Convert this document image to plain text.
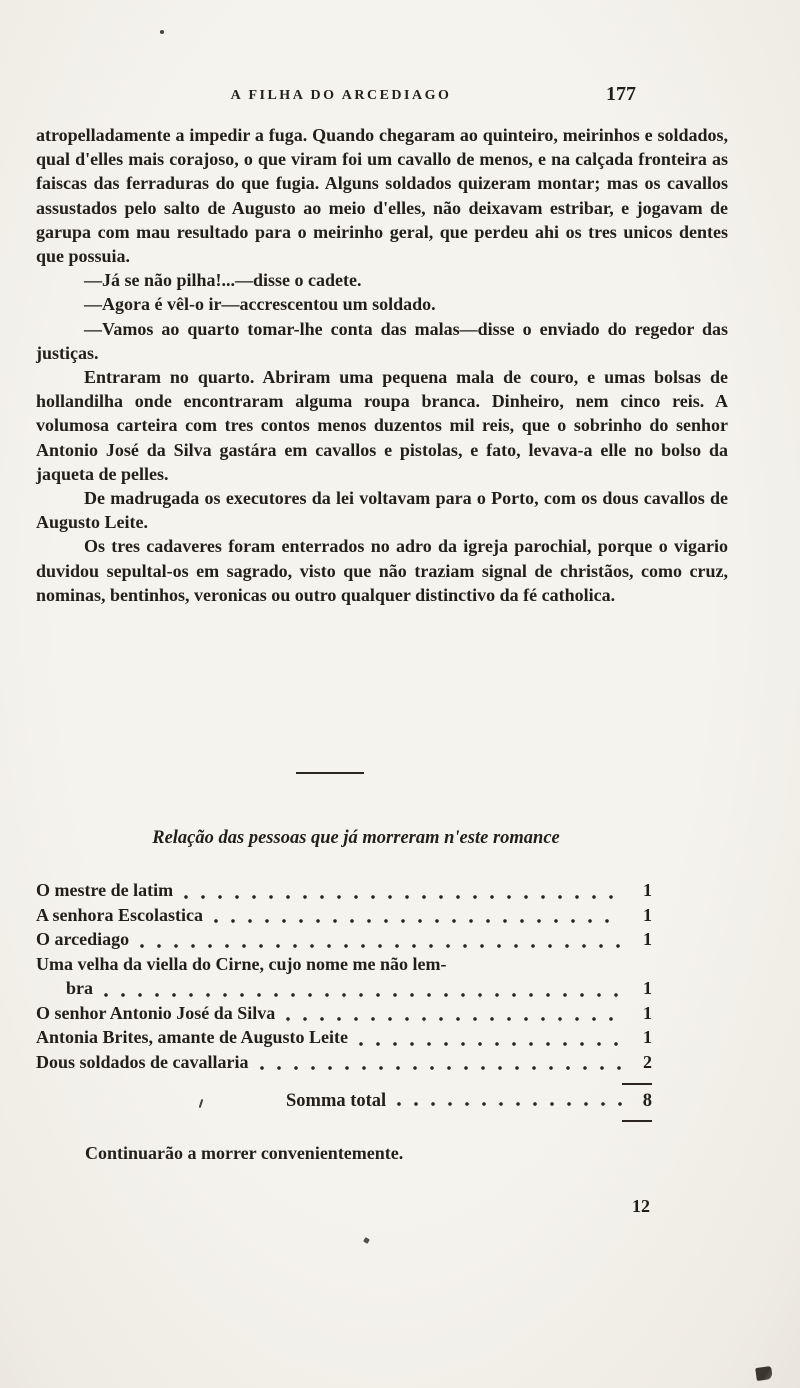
A FILHA DO ARCEDIAGO	177

atropelladamente a impedir a fuga. Quando chegaram ao quinteiro, meirinhos e soldados, qual d'elles mais corajoso, o que viram foi um cavallo de menos, e na calçada fronteira as faiscas das ferraduras do que fugia. Alguns soldados quizeram montar; mas os cavallos assustados pelo salto de Augusto ao meio d'elles, não deixavam estribar, e jogavam de garupa com mau resultado para o meirinho geral, que perdeu ahi os tres unicos dentes que possuia.

—Já se não pilha!...—disse o cadete.

—Agora é vêl-o ir—accrescentou um soldado.

—Vamos ao quarto tomar-lhe conta das malas—disse o enviado do regedor das justiças.

Entraram no quarto. Abriram uma pequena mala de couro, e umas bolsas de hollandilha onde encontraram alguma roupa branca. Dinheiro, nem cinco reis. A volumosa carteira com tres contos menos duzentos mil reis, que o sobrinho do senhor Antonio José da Silva gastára em cavallos e pistolas, e fato, levava-a elle no bolso da jaqueta de pelles.

De madrugada os executores da lei voltavam para o Porto, com os dous cavallos de Augusto Leite.

Os tres cadaveres foram enterrados no adro da igreja parochial, porque o vigario duvidou sepultal-os em sagrado, visto que não traziam signal de christãos, como cruz, nominas, bentinhos, veronicas ou outro qualquer distinctivo da fé catholica.

Relação das pessoas que já morreram n'este romance
O mestre de latim	1
A senhora Escolastica	1
O arcediago	1
Uma velha da viella do Cirne, cujo nome me não lem-
bra	1
O senhor Antonio José da Silva	1
Antonia Brites, amante de Augusto Leite	1
Dous soldados de cavallaria	2
Somma total	8
Continuarão a morrer convenientemente.
12
